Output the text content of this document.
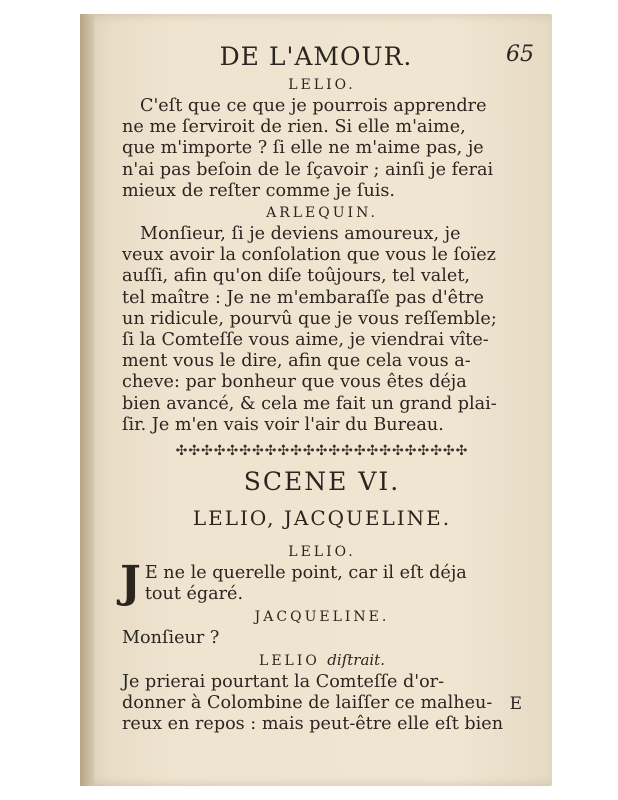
DE L'AMOUR.	65
LELIO.
C'eſt que ce que je pourrois apprendre
ne me ſerviroit de rien. Si elle m'aime,
que m'importe ? ſi elle ne m'aime pas, je
n'ai pas beſoin de le ſçavoir ; ainſi je ferai
mieux de reſter comme je ſuis.
ARLEQUIN.
Monſieur, ſi je deviens amoureux, je
veux avoir la conſolation que vous le ſoïez
auſſi, afin qu'on diſe toûjours, tel valet,
tel maître : Je ne m'embaraſſe pas d'être
un ridicule, pourvû que je vous reſſemble;
ſi la Comteſſe vous aime, je viendrai vîte-
ment vous le dire, afin que cela vous a-
cheve: par bonheur que vous êtes déja
bien avancé, & cela me fait un grand plai-
ſir. Je m'en vais voir l'air du Bureau.
✣✣✣✣✣✣✣✣✣✣✣✣✣✣✣✣✣✣✣✣✣✣✣
SCENE VI.
LELIO, JACQUELINE.
LELIO.
J E ne le querelle point, car il eſt déja
tout égaré.
JACQUELINE.
Monſieur ?
LELIO diſtrait.
Je prierai pourtant la Comteſſe d'or-
donner à Colombine de laiſſer ce malheu-
reux en repos : mais peut-être elle eſt bien
E
